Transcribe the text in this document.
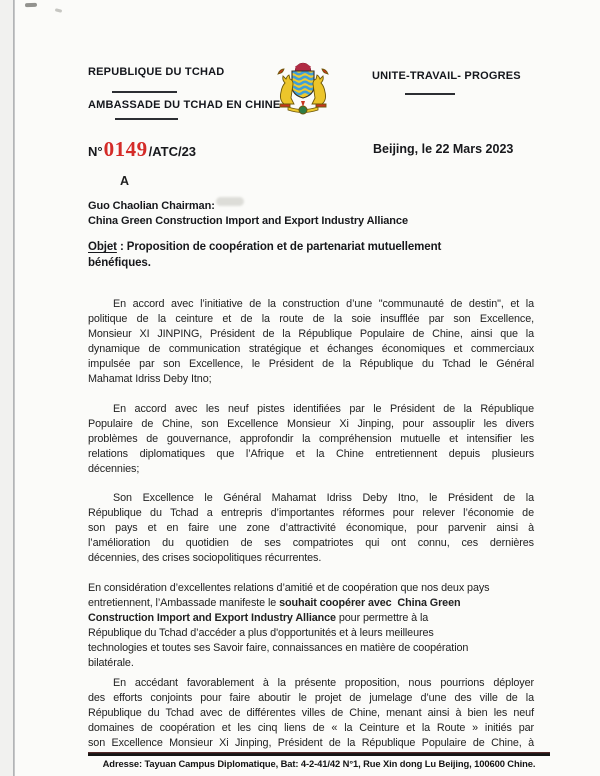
REPUBLIQUE DU TCHAD
AMBASSADE DU TCHAD EN CHINE
UNITE-TRAVAIL- PROGRES
N° 0149 /ATC/23	Beijing, le 22 Mars 2023
A
Guo Chaolian Chairman:
China Green Construction Import and Export Industry Alliance
Objet : Proposition de coopération et de partenariat mutuellement
bénéfiques.
En accord avec l’initiative de la construction d’une "communauté de destin", et la
politique de la ceinture et de la route de la soie insufflée par son Excellence,
Monsieur XI JINPING, Président de la République Populaire de Chine, ainsi que la
dynamique de communication stratégique et échanges économiques et commerciaux
impulsée par son Excellence, le Président de la République du Tchad le Général
Mahamat Idriss Deby Itno;
En accord avec les neuf pistes identifiées par le Président de la République
Populaire de Chine, son Excellence Monsieur Xi Jinping, pour assouplir les divers
problèmes de gouvernance, approfondir la compréhension mutuelle et intensifier les
relations diplomatiques que l’Afrique et la Chine entretiennent depuis plusieurs
décennies;
Son Excellence le Général Mahamat Idriss Deby Itno, le Président de la
République du Tchad a entrepris d’importantes réformes pour relever l’économie de
son pays et en faire une zone d’attractivité économique, pour parvenir ainsi à
l’amélioration du quotidien de ses compatriotes qui ont connu, ces dernières
décennies, des crises sociopolitiques récurrentes.
En considération d’excellentes relations d’amitié et de coopération que nos deux pays
entretiennent, l’Ambassade manifeste le souhait coopérer avec  China Green
Construction Import and Export Industry Alliance pour permettre à la
République du Tchad d’accéder a plus d'opportunités et à leurs meilleures
technologies et toutes ses Savoir faire, connaissances en matière de coopération
bilatérale.
En accédant favorablement à la présente proposition, nous pourrions déployer
des efforts conjoints pour faire aboutir le projet de jumelage d’une des ville de la
République du Tchad avec de différentes villes de Chine, menant ainsi à bien les neuf
domaines de coopération et les cinq liens de « la Ceinture et la Route » initiés par
son Excellence Monsieur Xi Jinping, Président de la République Populaire de Chine, à
Adresse: Tayuan Campus Diplomatique, Bat: 4-2-41/42 N°1, Rue Xin dong Lu Beijing, 100600 Chine.
